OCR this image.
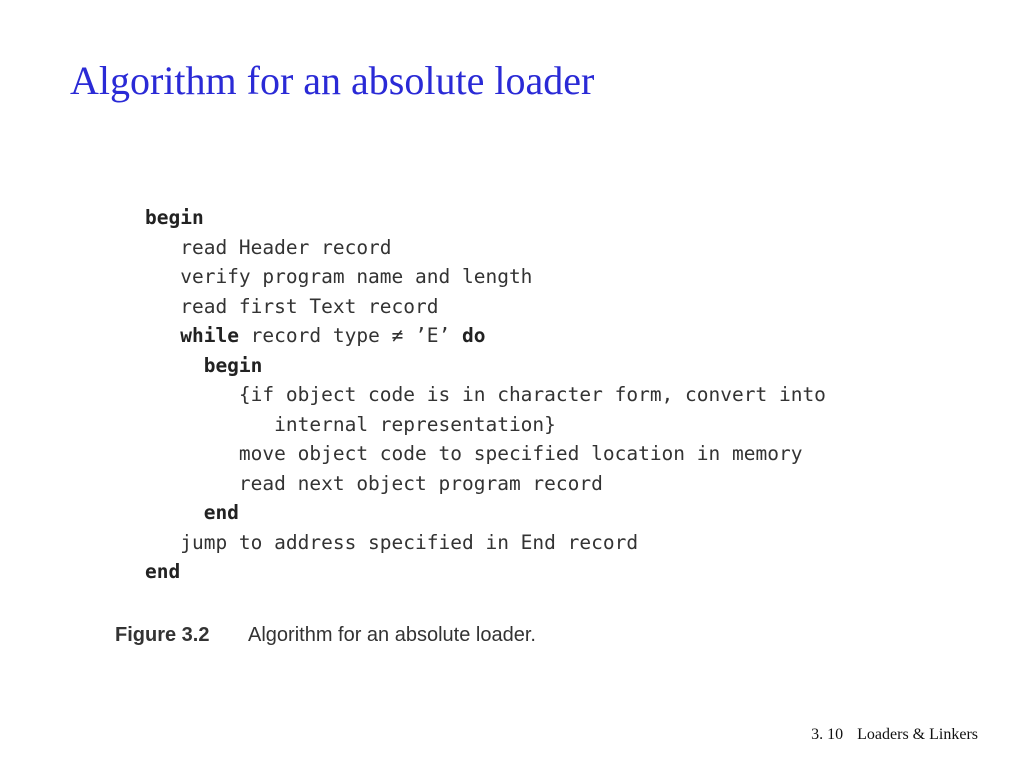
Algorithm for an absolute loader
begin
read Header record
verify program name and length
read first Text record
while record type ≠ ’E’ do
begin
{if object code is in character form, convert into
internal representation}
move object code to specified location in memory
read next object program record
end
jump to address specified in End record
end
Figure 3.2 Algorithm for an absolute loader.
3. 10 Loaders & Linkers
